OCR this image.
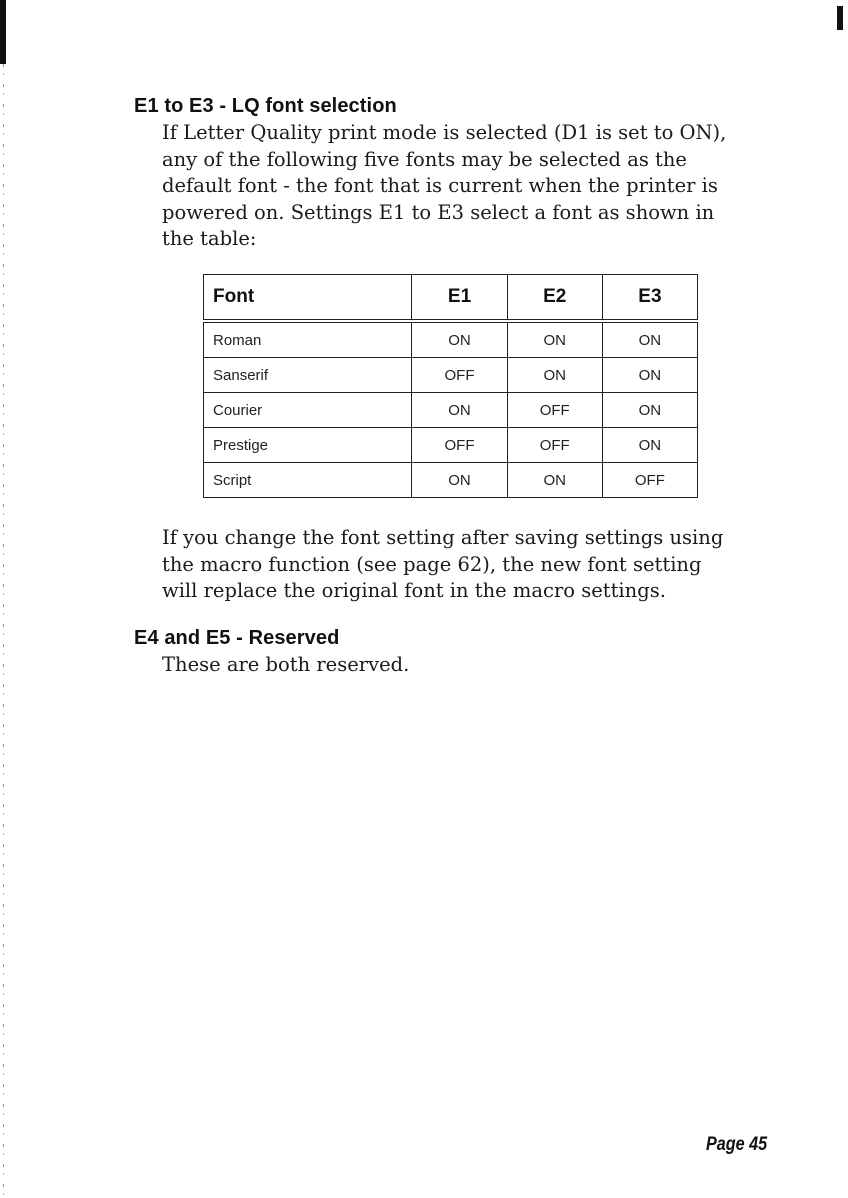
E1 to E3 - LQ font selection
If Letter Quality print mode is selected (D1 is set to ON),
any of the following five fonts may be selected as the
default font - the font that is current when the printer is
powered on. Settings E1 to E3 select a font as shown in
the table:
Font	E1	E2	E3
Roman	ON	ON	ON
Sanserif	OFF	ON	ON
Courier	ON	OFF	ON
Prestige	OFF	OFF	ON
Script	ON	ON	OFF
If you change the font setting after saving settings using
the macro function (see page 62), the new font setting
will replace the original font in the macro settings.
E4 and E5 - Reserved
These are both reserved.
Page 45
